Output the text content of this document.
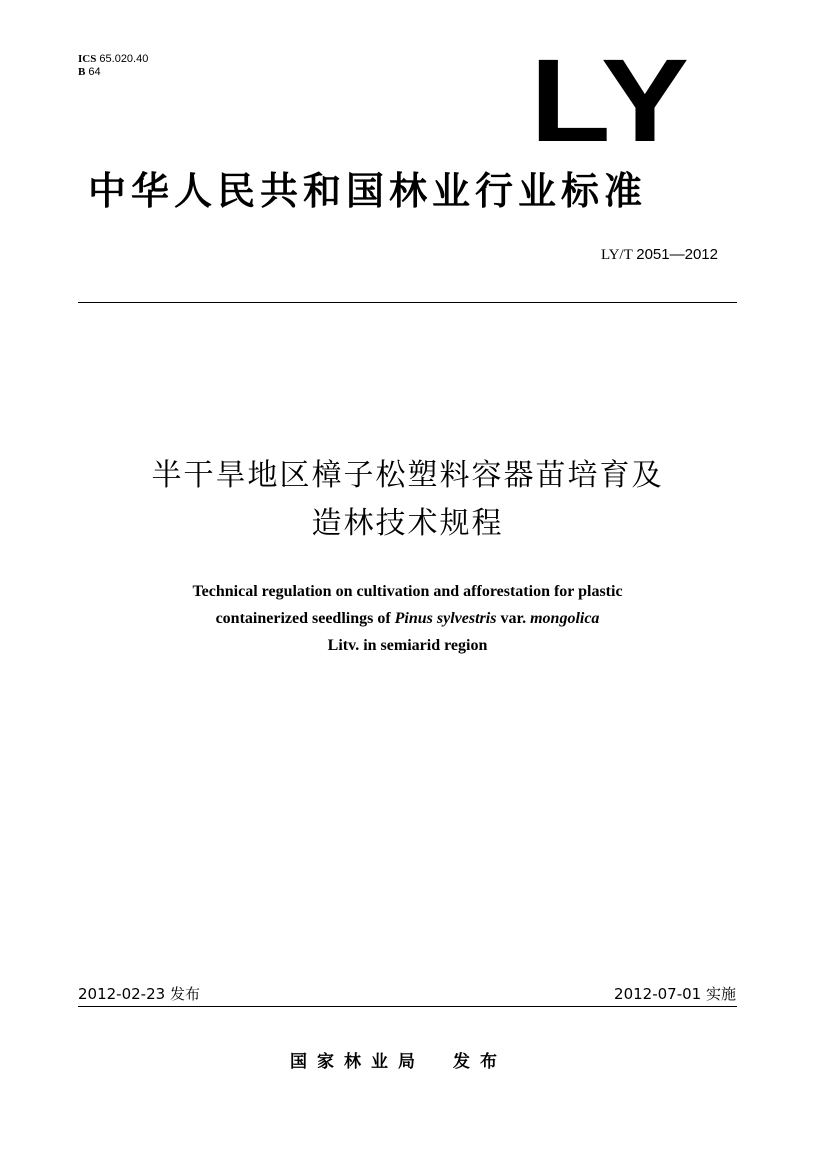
ICS 65.020.40
B 64	LY
中华人民共和国林业行业标准
LY/T 2051—2012
半干旱地区樟子松塑料容器苗培育及
造林技术规程
Technical regulation on cultivation and afforestation for plastic
containerized seedlings of Pinus sylvestris var. mongolica
Litv. in semiarid region
2012-02-23 发布	2012-07-01 实施
国家林业局 发布
